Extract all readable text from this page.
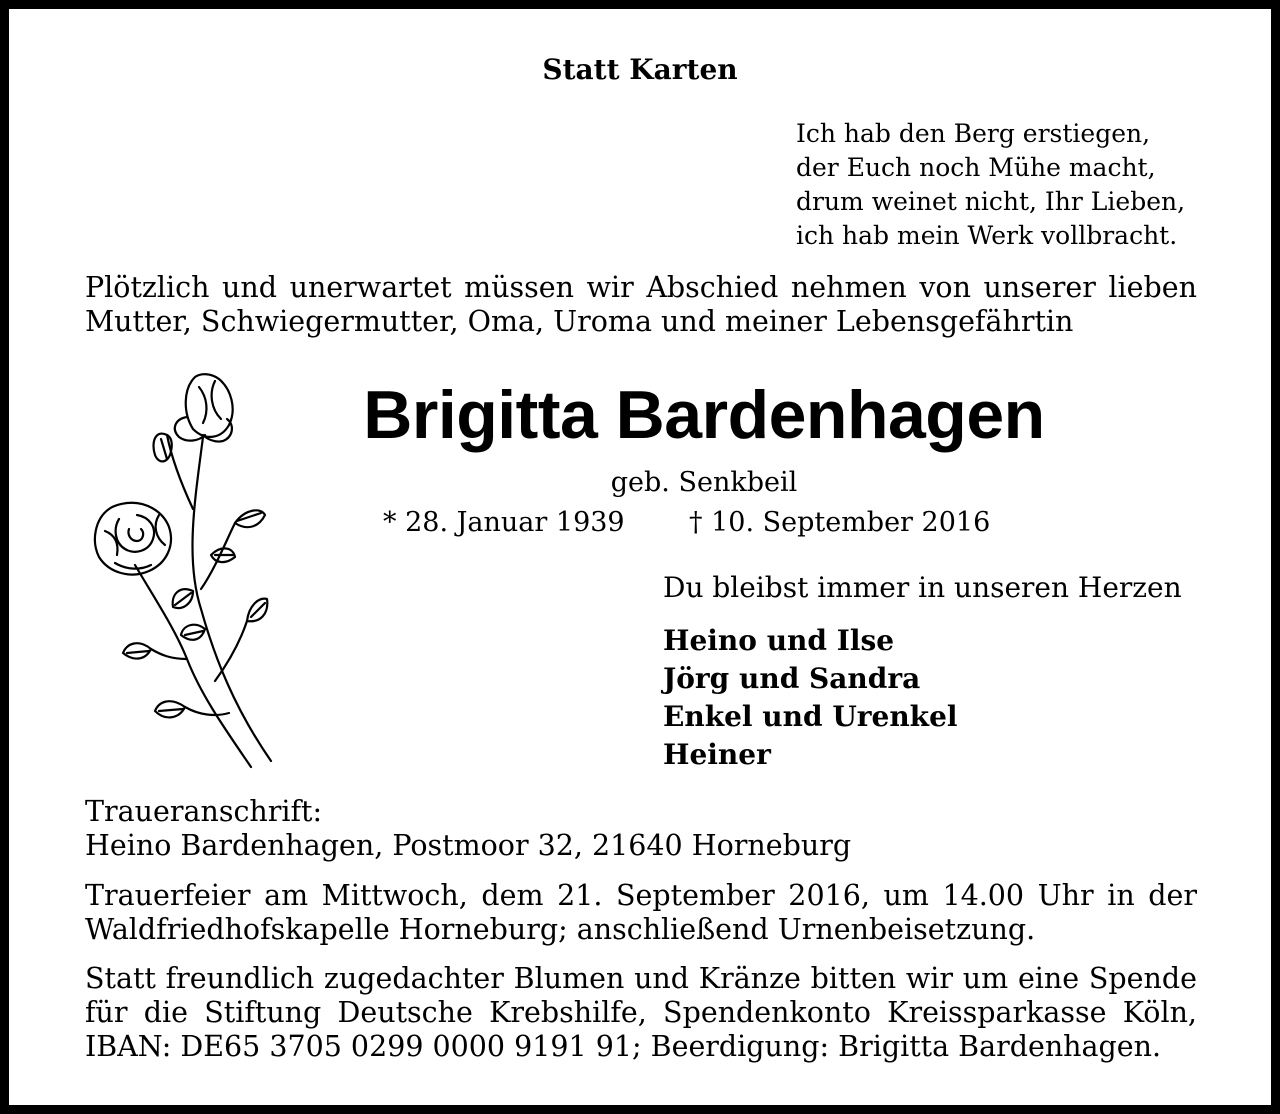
Statt Karten
Ich hab den Berg erstiegen,
der Euch noch Mühe macht,
drum weinet nicht, Ihr Lieben,
ich hab mein Werk vollbracht.
Plötzlich und unerwartet müssen wir Abschied nehmen von unserer lieben
Mutter, Schwiegermutter, Oma, Uroma und meiner Lebensgefährtin
Brigitta Bardenhagen
geb. Senkbeil
* 28. Januar 1939 † 10. September 2016
Du bleibst immer in unseren Herzen
Heino und Ilse
Jörg und Sandra
Enkel und Urenkel
Heiner
Traueranschrift:
Heino Bardenhagen, Postmoor 32, 21640 Horneburg
Trauerfeier am Mittwoch, dem 21. September 2016, um 14.00 Uhr in der
Waldfriedhofskapelle Horneburg; anschließend Urnenbeisetzung.
Statt freundlich zugedachter Blumen und Kränze bitten wir um eine Spende
für die Stiftung Deutsche Krebshilfe, Spendenkonto Kreissparkasse Köln,
IBAN: DE65 3705 0299 0000 9191 91; Beerdigung: Brigitta Bardenhagen.
